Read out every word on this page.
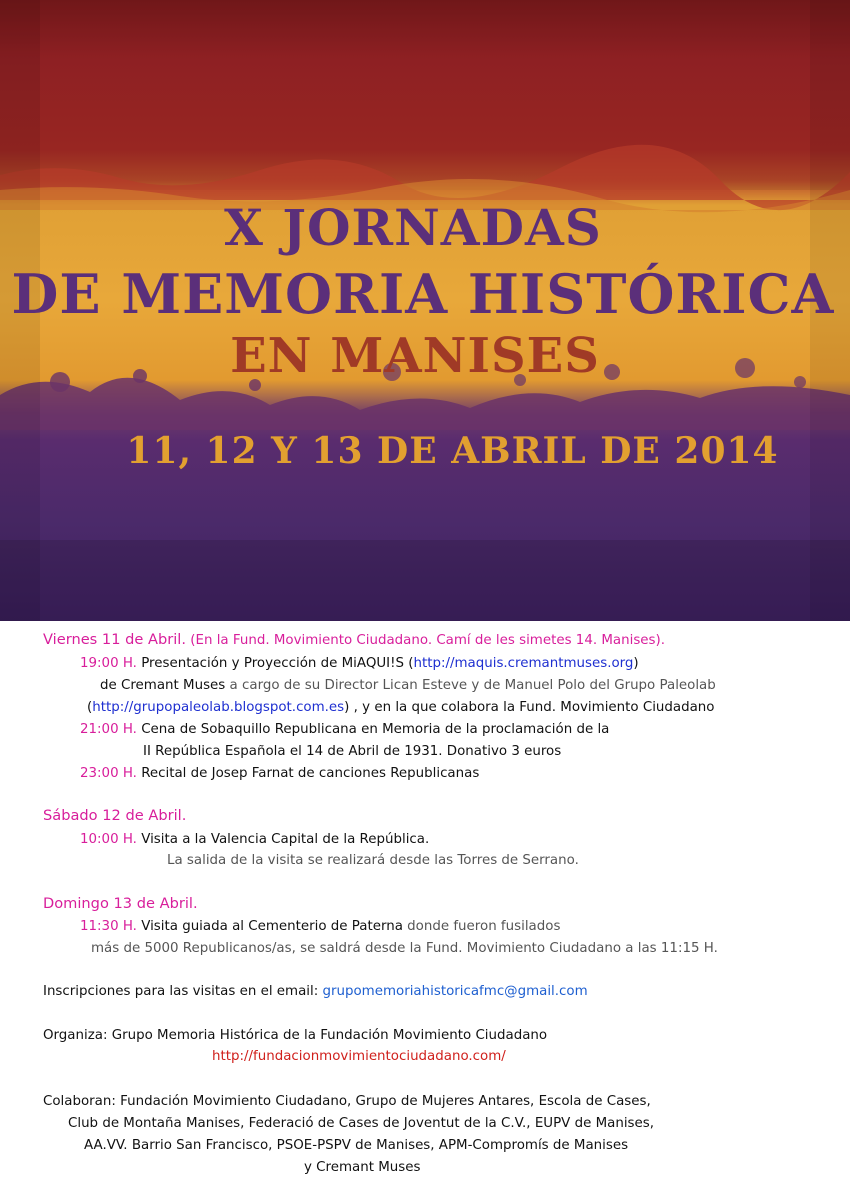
X JORNADAS
DE MEMORIA HISTÓRICA
EN MANISES
11, 12 Y 13 DE ABRIL DE 2014
Viernes 11 de Abril. (En la Fund. Movimiento Ciudadano. Camí de les simetes 14. Manises).
19:00 H. Presentación y Proyección de MiAQUI!S (http://maquis.cremantmuses.org)
de Cremant Muses a cargo de su Director Lican Esteve y de Manuel Polo del Grupo Paleolab
(http://grupopaleolab.blogspot.com.es) , y en la que colabora la Fund. Movimiento Ciudadano
21:00 H. Cena de Sobaquillo Republicana en Memoria de la proclamación de la
II República Española el 14 de Abril de 1931. Donativo 3 euros
23:00 H. Recital de Josep Farnat de canciones Republicanas
Sábado 12 de Abril.
10:00 H. Visita a la Valencia Capital de la República.
La salida de la visita se realizará desde las Torres de Serrano.
Domingo 13 de Abril.
11:30 H. Visita guiada al Cementerio de Paterna donde fueron fusilados
más de 5000 Republicanos/as, se saldrá desde la Fund. Movimiento Ciudadano a las 11:15 H.
Inscripciones para las visitas en el email: grupomemoriahistoricafmc@gmail.com
Organiza: Grupo Memoria Histórica de la Fundación Movimiento Ciudadano
http://fundacionmovimientociudadano.com/
Colaboran: Fundación Movimiento Ciudadano, Grupo de Mujeres Antares, Escola de Cases,
Club de Montaña Manises, Federació de Cases de Joventut de la C.V., EUPV de Manises,
AA.VV. Barrio San Francisco, PSOE-PSPV de Manises, APM-Compromís de Manises
y Cremant Muses
